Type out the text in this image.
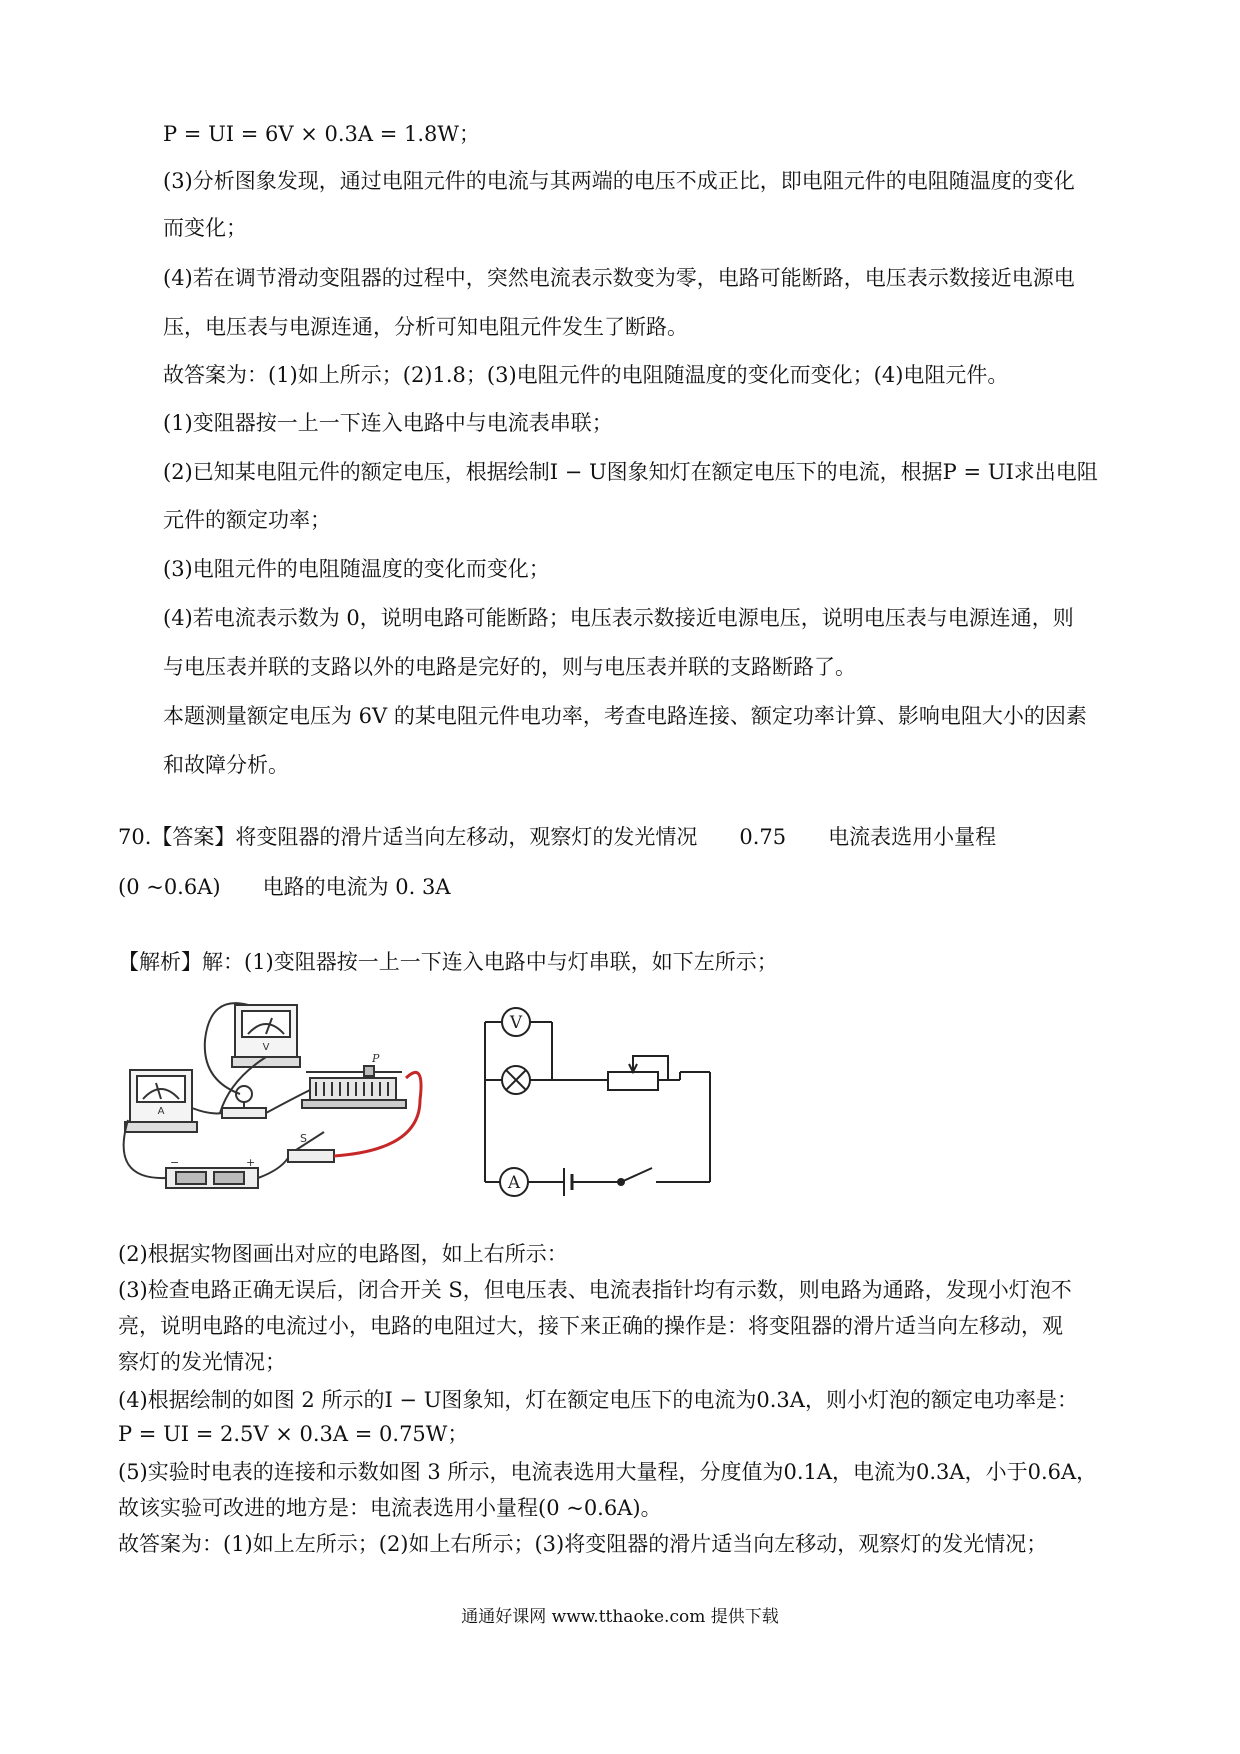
P = UI = 6V × 0.3A = 1.8W；
(3)分析图象发现，通过电阻元件的电流与其两端的电压不成正比，即电阻元件的电阻随温度的变化
而变化；
(4)若在调节滑动变阻器的过程中，突然电流表示数变为零，电路可能断路，电压表示数接近电源电
压，电压表与电源连通，分析可知电阻元件发生了断路。
故答案为：(1)如上所示；(2)1.8；(3)电阻元件的电阻随温度的变化而变化；(4)电阻元件。
(1)变阻器按一上一下连入电路中与电流表串联；
(2)已知某电阻元件的额定电压，根据绘制I − U图象知灯在额定电压下的电流，根据P = UI求出电阻
元件的额定功率；
(3)电阻元件的电阻随温度的变化而变化；
(4)若电流表示数为 0，说明电路可能断路；电压表示数接近电源电压，说明电压表与电源连通，则
与电压表并联的支路以外的电路是完好的，则与电压表并联的支路断路了。
本题测量额定电压为 6V 的某电阻元件电功率，考查电路连接、额定功率计算、影响电阻大小的因素
和故障分析。
70.【答案】将变阻器的滑片适当向左移动，观察灯的发光情况　　0.75　　电流表选用小量程
(0 ~0.6A)　　电路的电流为 0. 3A
【解析】解：(1)变阻器按一上一下连入电路中与灯串联，如下左所示；
V
A
P
−	+
S
V
A
(2)根据实物图画出对应的电路图，如上右所示：
(3)检查电路正确无误后，闭合开关 S，但电压表、电流表指针均有示数，则电路为通路，发现小灯泡不
亮，说明电路的电流过小，电路的电阻过大，接下来正确的操作是：将变阻器的滑片适当向左移动，观
察灯的发光情况；
(4)根据绘制的如图 2 所示的I − U图象知，灯在额定电压下的电流为0.3A，则小灯泡的额定电功率是：
P = UI = 2.5V × 0.3A = 0.75W；
(5)实验时电表的连接和示数如图 3 所示，电流表选用大量程，分度值为0.1A，电流为0.3A，小于0.6A，
故该实验可改进的地方是：电流表选用小量程(0 ~0.6A)。
故答案为：(1)如上左所示；(2)如上右所示；(3)将变阻器的滑片适当向左移动，观察灯的发光情况；
通通好课网 www.tthaoke.com 提供下载
